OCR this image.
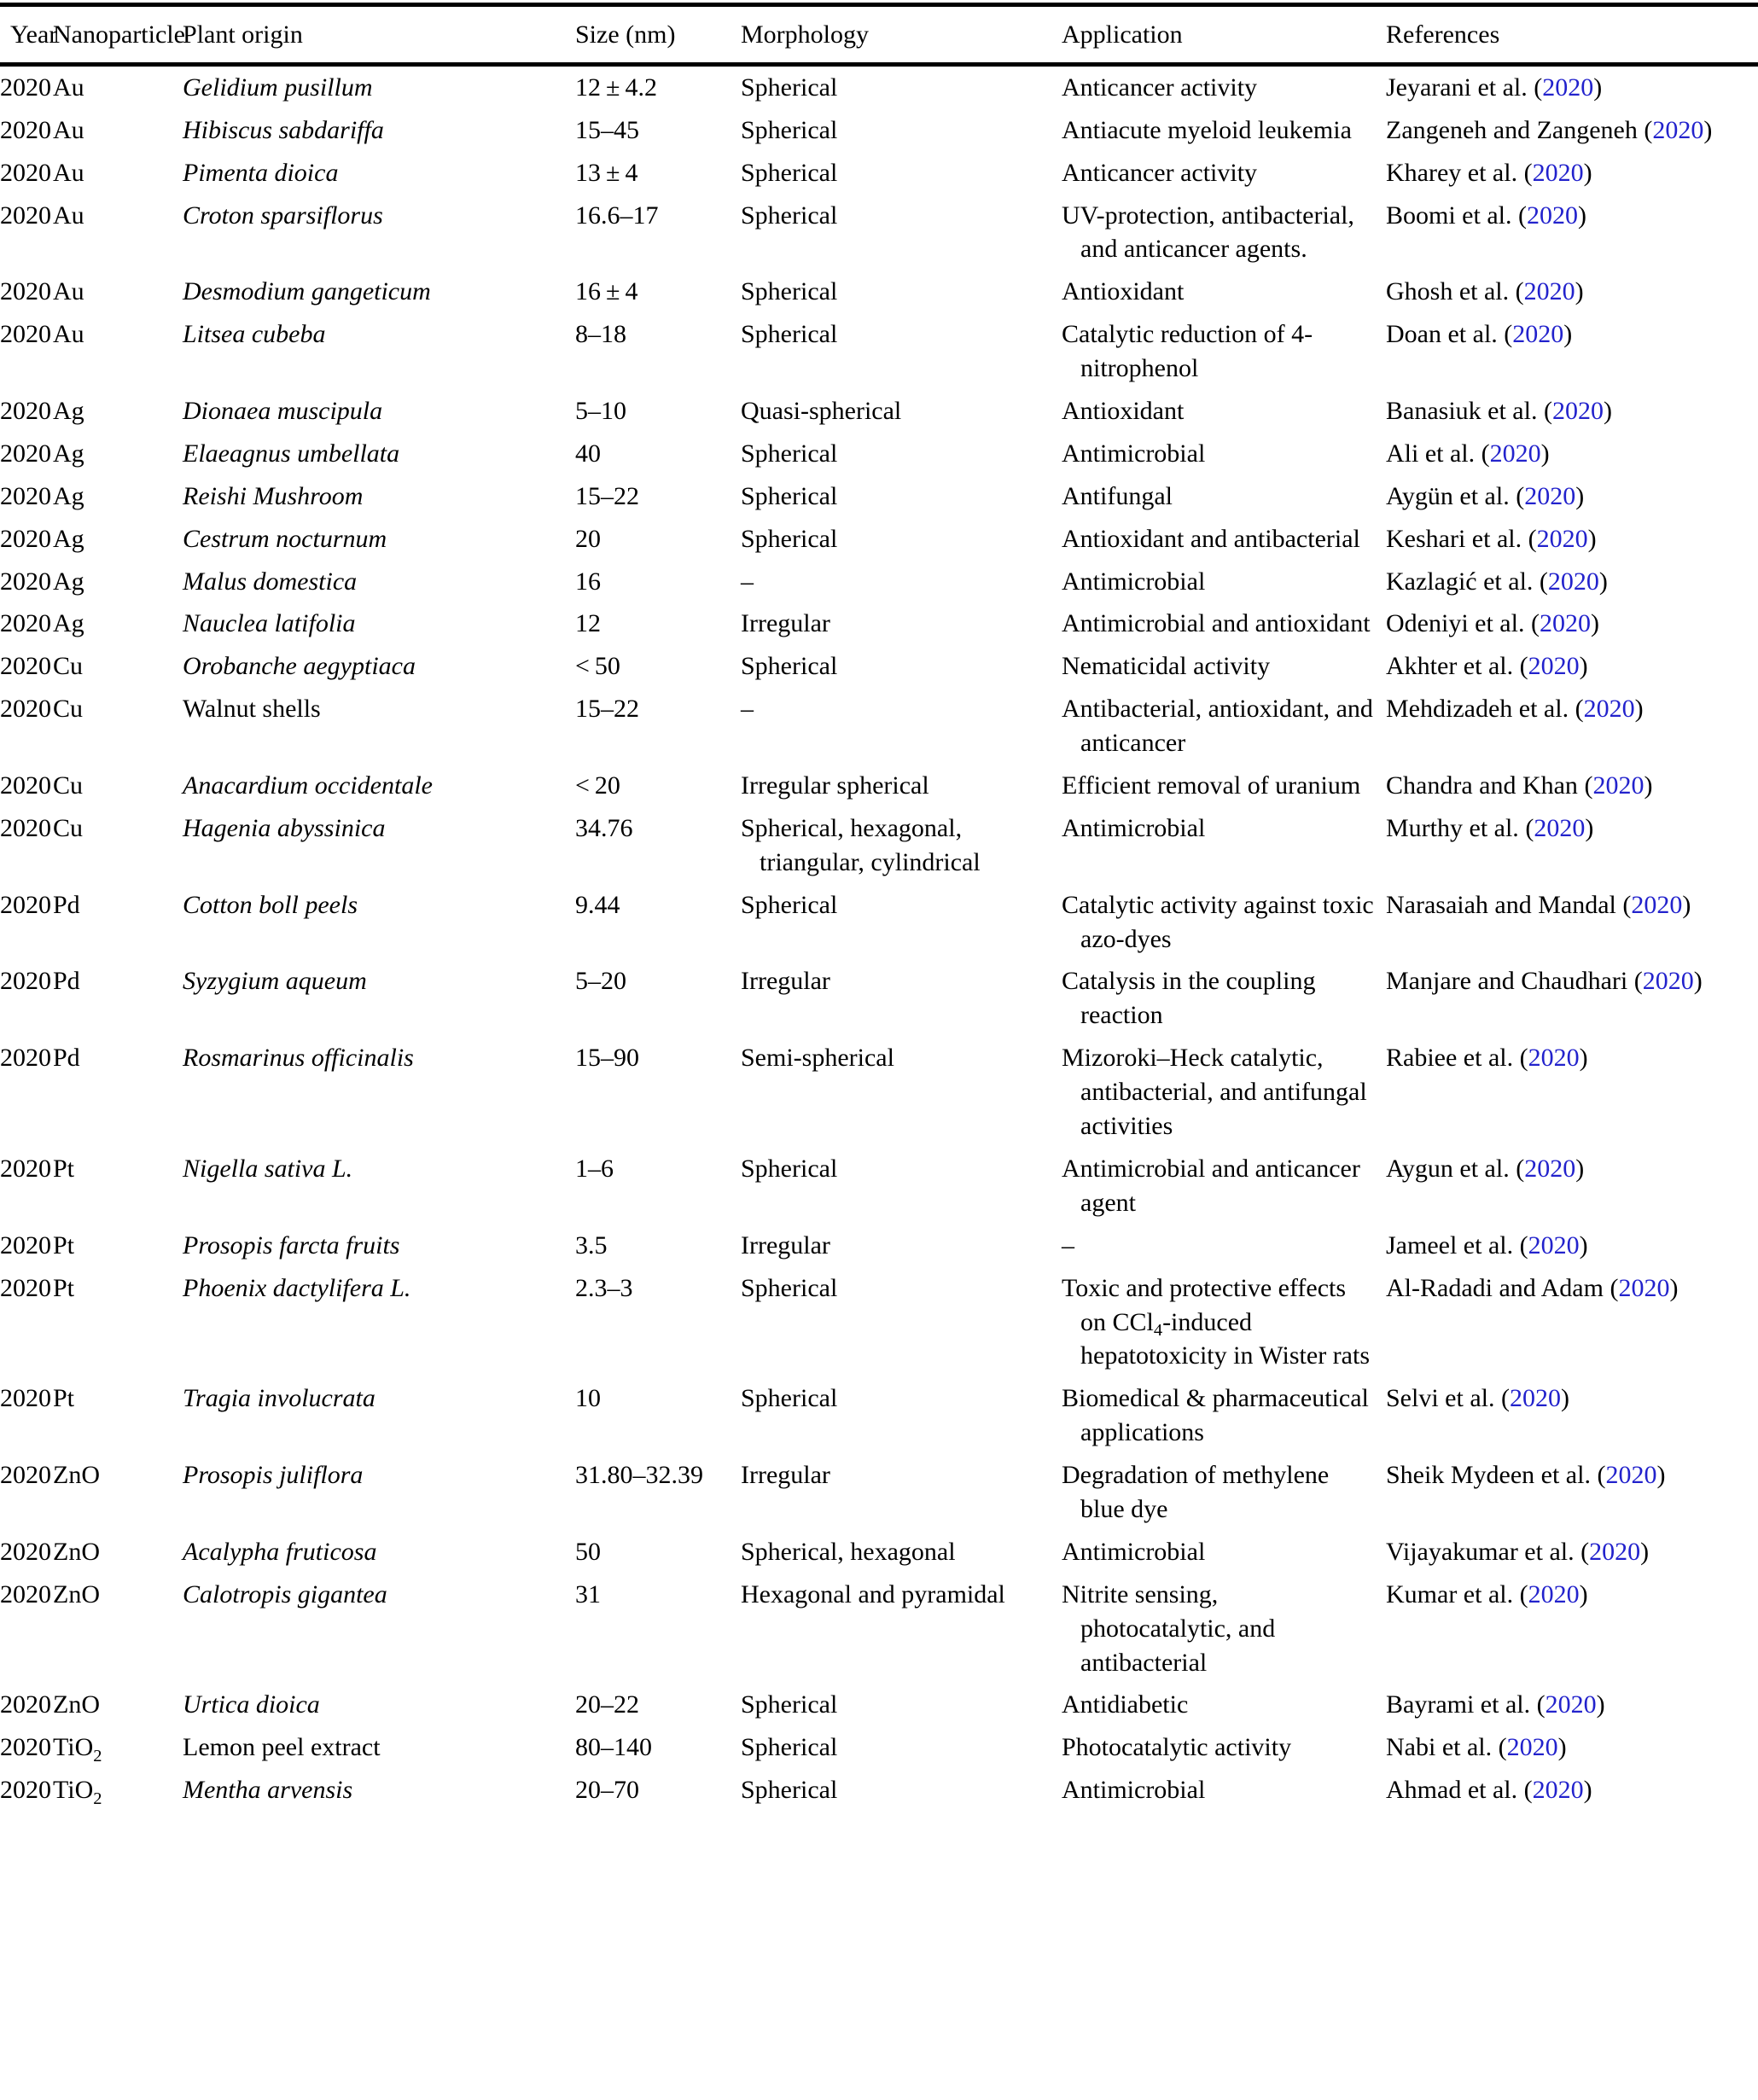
Year	Nanoparticle	Plant origin	Size (nm)	Morphology	Application	References
2020	Au	Gelidium pusillum	12 ± 4.2	Spherical	Anticancer activity	Jeyarani et al. (2020)
2020	Au	Hibiscus sabdariffa	15–45	Spherical	Antiacute myeloid leukemia	Zangeneh and Zangeneh (2020)
2020	Au	Pimenta dioica	13 ± 4	Spherical	Anticancer activity	Kharey et al. (2020)
2020	Au	Croton sparsiflorus	16.6–17	Spherical	UV-protection, antibacterial, and anticancer agents.	Boomi et al. (2020)
2020	Au	Desmodium gangeticum	16 ± 4	Spherical	Antioxidant	Ghosh et al. (2020)
2020	Au	Litsea cubeba	8–18	Spherical	Catalytic reduction of 4-nitrophenol	Doan et al. (2020)
2020	Ag	Dionaea muscipula	5–10	Quasi-spherical	Antioxidant	Banasiuk et al. (2020)
2020	Ag	Elaeagnus umbellata	40	Spherical	Antimicrobial	Ali et al. (2020)
2020	Ag	Reishi Mushroom	15–22	Spherical	Antifungal	Aygün et al. (2020)
2020	Ag	Cestrum nocturnum	20	Spherical	Antioxidant and antibacterial	Keshari et al. (2020)
2020	Ag	Malus domestica	16	–	Antimicrobial	Kazlagić et al. (2020)
2020	Ag	Nauclea latifolia	12	Irregular	Antimicrobial and antioxidant	Odeniyi et al. (2020)
2020	Cu	Orobanche aegyptiaca	< 50	Spherical	Nematicidal activity	Akhter et al. (2020)
2020	Cu	Walnut shells	15–22	–	Antibacterial, antioxidant, and anticancer	Mehdizadeh et al. (2020)
2020	Cu	Anacardium occidentale	< 20	Irregular spherical	Efficient removal of uranium	Chandra and Khan (2020)
2020	Cu	Hagenia abyssinica	34.76	Spherical, hexagonal, triangular, cylindrical	Antimicrobial	Murthy et al. (2020)
2020	Pd	Cotton boll peels	9.44	Spherical	Catalytic activity against toxic azo-dyes	Narasaiah and Mandal (2020)
2020	Pd	Syzygium aqueum	5–20	Irregular	Catalysis in the coupling reaction	Manjare and Chaudhari (2020)
2020	Pd	Rosmarinus officinalis	15–90	Semi-spherical	Mizoroki–Heck catalytic, antibacterial, and antifungal activities	Rabiee et al. (2020)
2020	Pt	Nigella sativa L.	1–6	Spherical	Antimicrobial and anticancer agent	Aygun et al. (2020)
2020	Pt	Prosopis farcta fruits	3.5	Irregular	–	Jameel et al. (2020)
2020	Pt	Phoenix dactylifera L.	2.3–3	Spherical	Toxic and protective effects on CCl$_4$-induced hepatotoxicity in Wister rats	Al-Radadi and Adam (2020)
2020	Pt	Tragia involucrata	10	Spherical	Biomedical & pharmaceutical applications	Selvi et al. (2020)
2020	ZnO	Prosopis juliflora	31.80–32.39	Irregular	Degradation of methylene blue dye	Sheik Mydeen et al. (2020)
2020	ZnO	Acalypha fruticosa	50	Spherical, hexagonal	Antimicrobial	Vijayakumar et al. (2020)
2020	ZnO	Calotropis gigantea	31	Hexagonal and pyramidal	Nitrite sensing, photocatalytic, and antibacterial	Kumar et al. (2020)
2020	ZnO	Urtica dioica	20–22	Spherical	Antidiabetic	Bayrami et al. (2020)
2020	TiO$_2$	Lemon peel extract	80–140	Spherical	Photocatalytic activity	Nabi et al. (2020)
2020	TiO$_2$	Mentha arvensis	20–70	Spherical	Antimicrobial	Ahmad et al. (2020)
